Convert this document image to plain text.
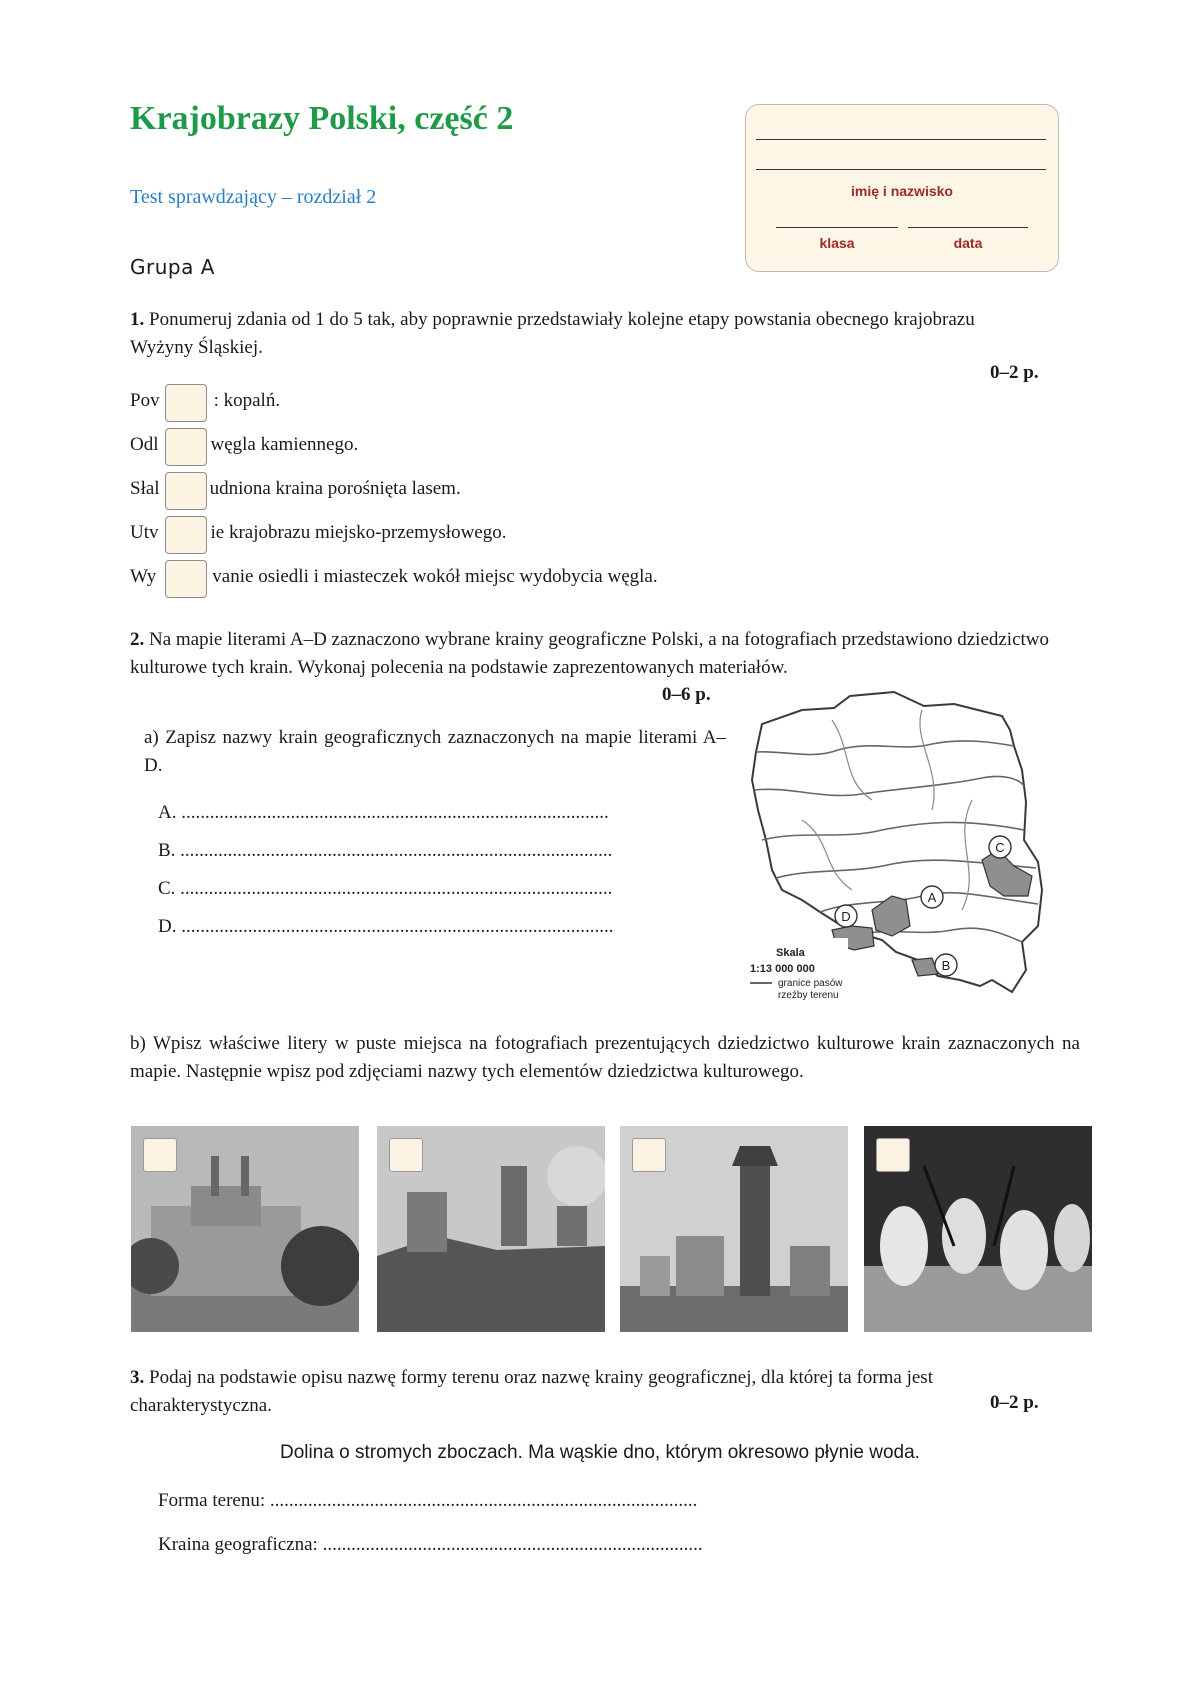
Krajobrazy Polski, część 2
Test sprawdzający – rozdział 2
Grupa A
imię i nazwisko
klasa	data
1. Ponumeruj zdania od 1 do 5 tak, aby poprawnie przedstawiały kolejne etapy powstania obecnego krajobrazu Wyżyny Śląskiej.
0–2 p.
Pov	: kopalń.
Odl	węgla kamiennego.
Słal	udniona kraina porośnięta lasem.
Utv	ie krajobrazu miejsko-przemysłowego.
Wy	vanie osiedli i miasteczek wokół miejsc wydobycia węgla.
2. Na mapie literami A–D zaznaczono wybrane krainy geograficzne Polski, a na fotografiach przedstawiono dziedzictwo kulturowe tych krain. Wykonaj polecenia na podstawie zaprezentowanych materiałów.
0–6 p.
a) Zapisz nazwy krain geograficznych zaznaczonych na mapie literami A–D.
A. ..........................................................................................
B. ...........................................................................................
C. ...........................................................................................
D. ...........................................................................................
C
A
D
B
Skala
1:13 000 000
granice pasów
rzeźby terenu
b) Wpisz właściwe litery w puste miejsca na fotografiach prezentujących dziedzictwo kulturowe krain zaznaczonych na mapie. Następnie wpisz pod zdjęciami nazwy tych elementów dziedzictwa kulturowego.
3. Podaj na podstawie opisu nazwę formy terenu oraz nazwę krainy geograficznej, dla której ta forma jest charakterystyczna.	0–2 p.
Dolina o stromych zboczach. Ma wąskie dno, którym okresowo płynie woda.
Forma terenu: ..........................................................................................
Kraina geograficzna: ................................................................................
